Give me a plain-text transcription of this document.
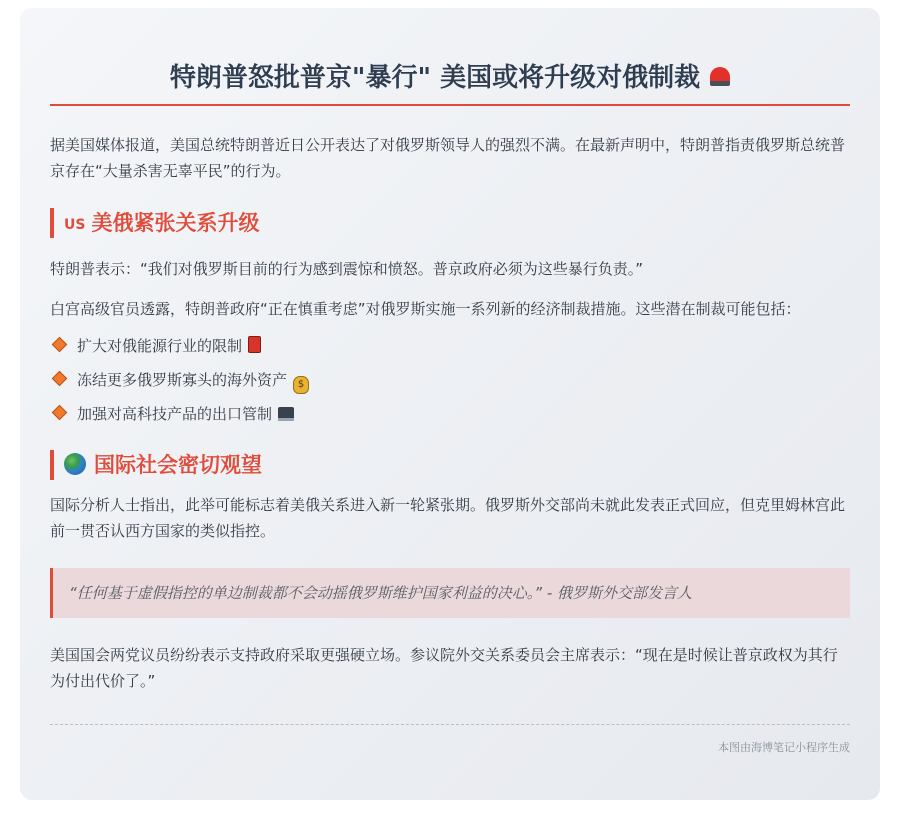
特朗普怒批普京"暴行" 美国或将升级对俄制裁

据美国媒体报道，美国总统特朗普近日公开表达了对俄罗斯领导人的强烈不满。在最新声明中，特朗普指责俄罗斯总统普京存在“大量杀害无辜平民”的行为。

US 美俄紧张关系升级

特朗普表示：“我们对俄罗斯目前的行为感到震惊和愤怒。普京政府必须为这些暴行负责。”

白宫高级官员透露，特朗普政府“正在慎重考虑”对俄罗斯实施一系列新的经济制裁措施。这些潜在制裁可能包括：

扩大对俄能源行业的限制
冻结更多俄罗斯寡头的海外资产 $
加强对高科技产品的出口管制
国际社会密切观望

国际分析人士指出，此举可能标志着美俄关系进入新一轮紧张期。俄罗斯外交部尚未就此发表正式回应，但克里姆林宫此前一贯否认西方国家的类似指控。

“任何基于虚假指控的单边制裁都不会动摇俄罗斯维护国家利益的决心。” - 俄罗斯外交部发言人

美国国会两党议员纷纷表示支持政府采取更强硬立场。参议院外交关系委员会主席表示：“现在是时候让普京政权为其行为付出代价了。”

本图由海博笔记小程序生成
